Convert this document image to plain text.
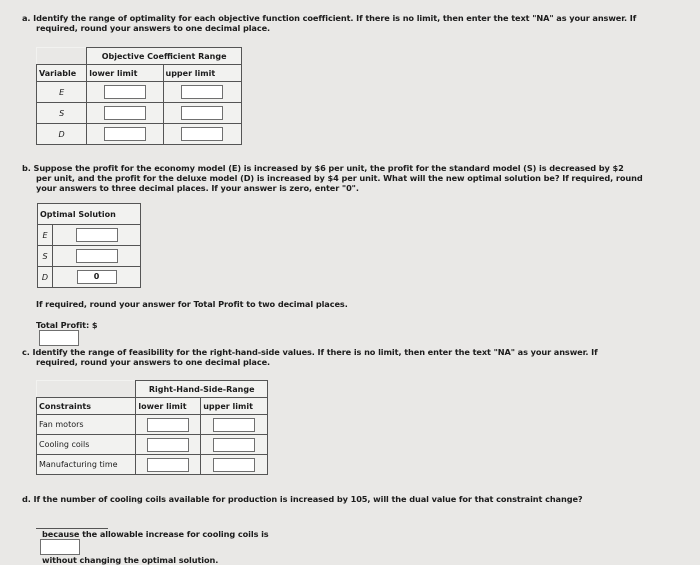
a. Identify the range of optimality for each objective function coefficient. If there is no limit, then enter the text "NA" as your answer. If
required, round your answers to one decimal place.
	Objective Coefficient Range	
Variable	lower limit	upper limit
E	

S	

D	

b. Suppose the profit for the economy model (E) is increased by $6 per unit, the profit for the standard model (S) is decreased by $2
per unit, and the profit for the deluxe model (D) is increased by $4 per unit. What will the new optimal solution be? If required, round
your answers to three decimal places. If your answer is zero, enter "0".
Optimal Solution	
E	

S	

D	0
If required, round your answer for Total Profit to two decimal places.
Total Profit: $
c. Identify the range of feasibility for the right-hand-side values. If there is no limit, then enter the text "NA" as your answer. If
required, round your answers to one decimal place.
	Right-Hand-Side-Range	
Constraints	lower limit	upper limit
Fan motors	

Cooling coils	

Manufacturing time	

d. If the number of cooling coils available for production is increased by 105, will the dual value for that constraint change?
because the allowable increase for cooling coils is
without changing the optimal solution.
